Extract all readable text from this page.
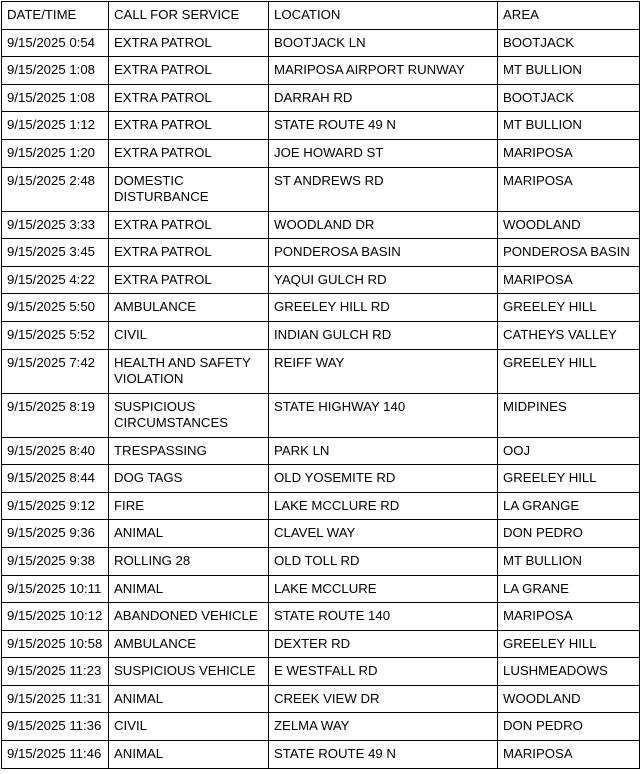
DATE/TIME	CALL FOR SERVICE	LOCATION	AREA
9/15/2025 0:54	EXTRA PATROL	BOOTJACK LN	BOOTJACK
9/15/2025 1:08	EXTRA PATROL	MARIPOSA AIRPORT RUNWAY	MT BULLION
9/15/2025 1:08	EXTRA PATROL	DARRAH RD	BOOTJACK
9/15/2025 1:12	EXTRA PATROL	STATE ROUTE 49 N	MT BULLION
9/15/2025 1:20	EXTRA PATROL	JOE HOWARD ST	MARIPOSA
9/15/2025 2:48	DOMESTIC DISTURBANCE	ST ANDREWS RD	MARIPOSA
9/15/2025 3:33	EXTRA PATROL	WOODLAND DR	WOODLAND
9/15/2025 3:45	EXTRA PATROL	PONDEROSA BASIN	PONDEROSA BASIN
9/15/2025 4:22	EXTRA PATROL	YAQUI GULCH RD	MARIPOSA
9/15/2025 5:50	AMBULANCE	GREELEY HILL RD	GREELEY HILL
9/15/2025 5:52	CIVIL	INDIAN GULCH RD	CATHEYS VALLEY
9/15/2025 7:42	HEALTH AND SAFETY VIOLATION	REIFF WAY	GREELEY HILL
9/15/2025 8:19	SUSPICIOUS CIRCUMSTANCES	STATE HIGHWAY 140	MIDPINES
9/15/2025 8:40	TRESPASSING	PARK LN	OOJ
9/15/2025 8:44	DOG TAGS	OLD YOSEMITE RD	GREELEY HILL
9/15/2025 9:12	FIRE	LAKE MCCLURE RD	LA GRANGE
9/15/2025 9:36	ANIMAL	CLAVEL WAY	DON PEDRO
9/15/2025 9:38	ROLLING 28	OLD TOLL RD	MT BULLION
9/15/2025 10:11	ANIMAL	LAKE MCCLURE	LA GRANE
9/15/2025 10:12	ABANDONED VEHICLE	STATE ROUTE 140	MARIPOSA
9/15/2025 10:58	AMBULANCE	DEXTER RD	GREELEY HILL
9/15/2025 11:23	SUSPICIOUS VEHICLE	E WESTFALL RD	LUSHMEADOWS
9/15/2025 11:31	ANIMAL	CREEK VIEW DR	WOODLAND
9/15/2025 11:36	CIVIL	ZELMA WAY	DON PEDRO
9/15/2025 11:46	ANIMAL	STATE ROUTE 49 N	MARIPOSA
